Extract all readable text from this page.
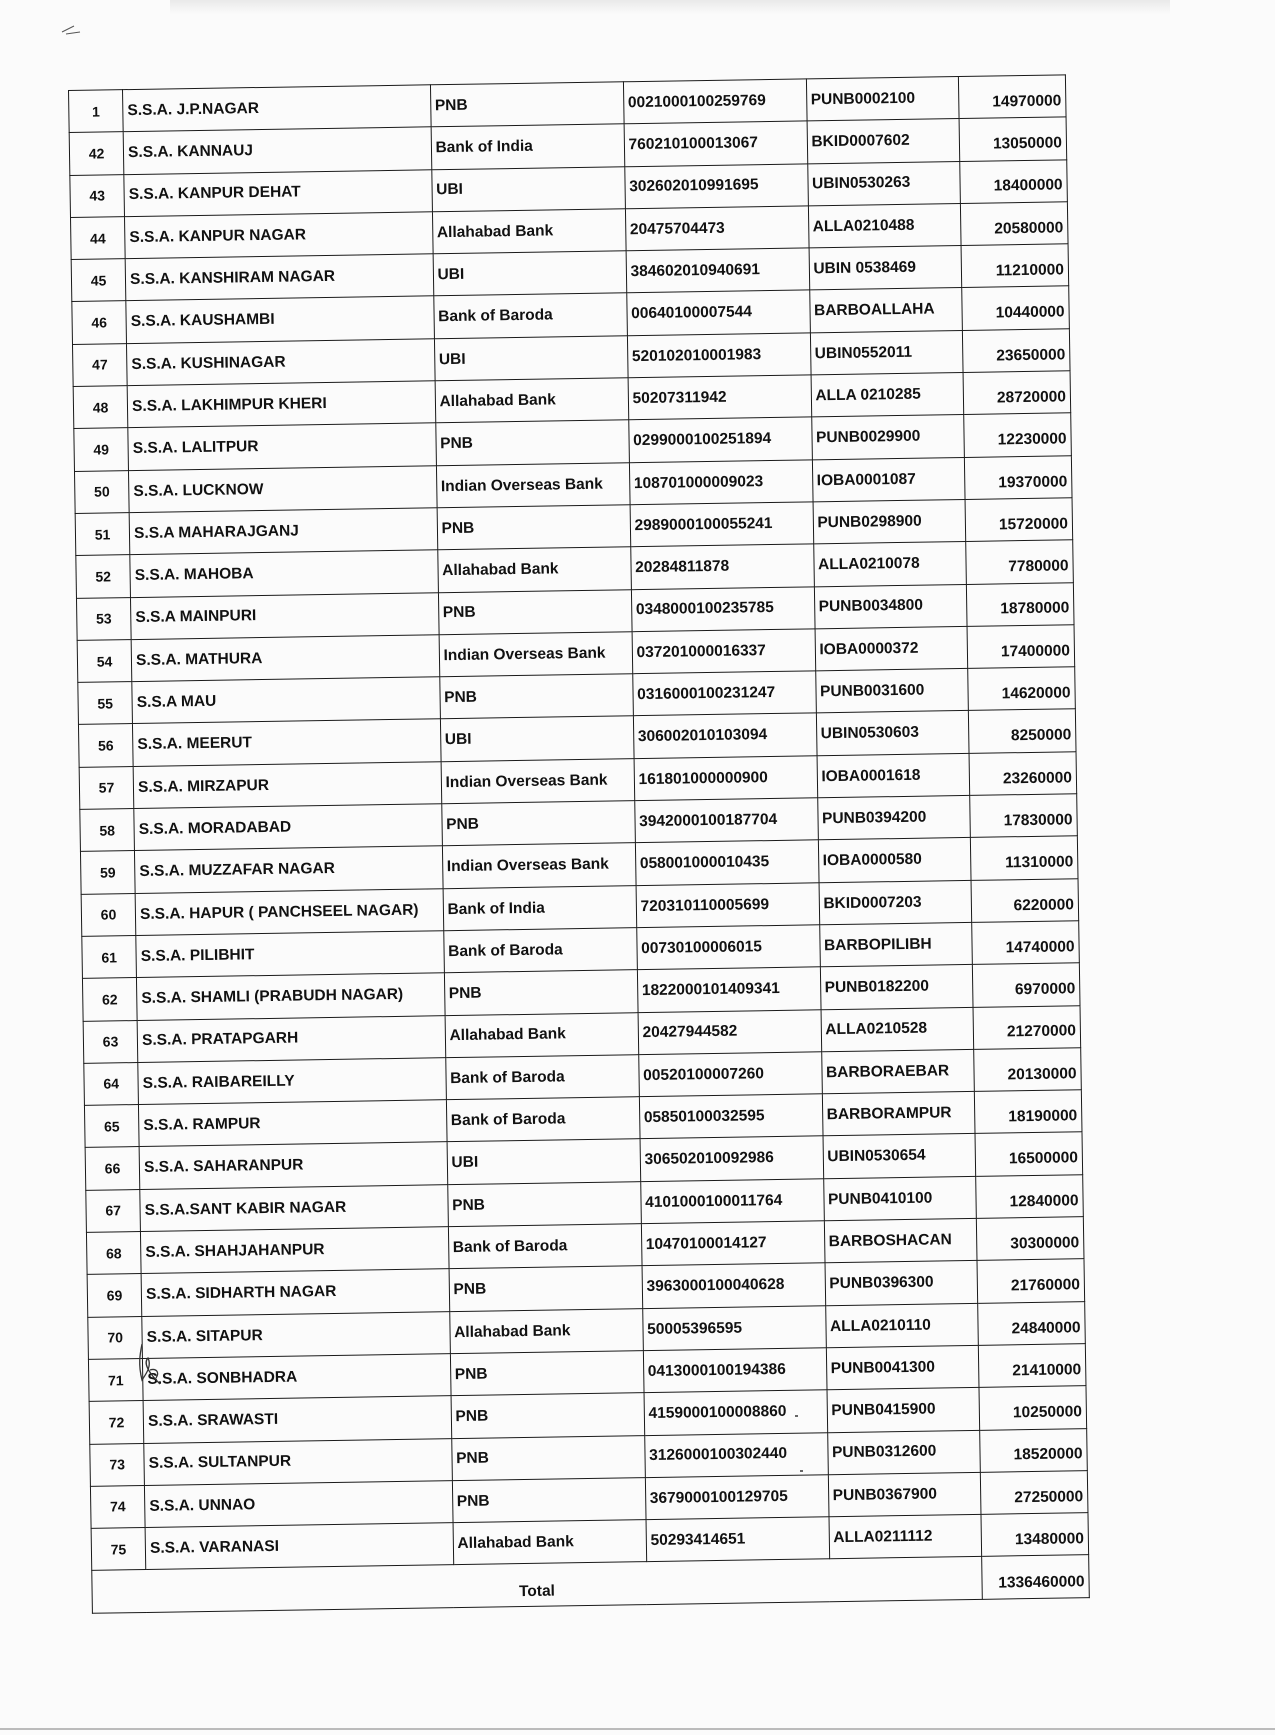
1	S.S.A. J.P.NAGAR	PNB	0021000100259769	PUNB0002100	14970000
42	S.S.A. KANNAUJ	Bank of India	760210100013067	BKID0007602	13050000
43	S.S.A. KANPUR DEHAT	UBI	302602010991695	UBIN0530263	18400000
44	S.S.A. KANPUR NAGAR	Allahabad Bank	20475704473	ALLA0210488	20580000
45	S.S.A. KANSHIRAM NAGAR	UBI	384602010940691	UBIN 0538469	11210000
46	S.S.A. KAUSHAMBI	Bank of Baroda	00640100007544	BARBOALLAHA	10440000
47	S.S.A. KUSHINAGAR	UBI	520102010001983	UBIN0552011	23650000
48	S.S.A. LAKHIMPUR KHERI	Allahabad Bank	50207311942	ALLA 0210285	28720000
49	S.S.A. LALITPUR	PNB	0299000100251894	PUNB0029900	12230000
50	S.S.A. LUCKNOW	Indian Overseas Bank	108701000009023	IOBA0001087	19370000
51	S.S.A MAHARAJGANJ	PNB	2989000100055241	PUNB0298900	15720000
52	S.S.A. MAHOBA	Allahabad Bank	20284811878	ALLA0210078	7780000
53	S.S.A MAINPURI	PNB	0348000100235785	PUNB0034800	18780000
54	S.S.A. MATHURA	Indian Overseas Bank	037201000016337	IOBA0000372	17400000
55	S.S.A MAU	PNB	0316000100231247	PUNB0031600	14620000
56	S.S.A. MEERUT	UBI	306002010103094	UBIN0530603	8250000
57	S.S.A. MIRZAPUR	Indian Overseas Bank	161801000000900	IOBA0001618	23260000
58	S.S.A. MORADABAD	PNB	3942000100187704	PUNB0394200	17830000
59	S.S.A. MUZZAFAR NAGAR	Indian Overseas Bank	058001000010435	IOBA0000580	11310000
60	S.S.A. HAPUR ( PANCHSEEL NAGAR)	Bank of India	720310110005699	BKID0007203	6220000
61	S.S.A. PILIBHIT	Bank of Baroda	00730100006015	BARBOPILIBH	14740000
62	S.S.A. SHAMLI (PRABUDH NAGAR)	PNB	1822000101409341	PUNB0182200	6970000
63	S.S.A. PRATAPGARH	Allahabad Bank	20427944582	ALLA0210528	21270000
64	S.S.A. RAIBAREILLY	Bank of Baroda	00520100007260	BARBORAEBAR	20130000
65	S.S.A. RAMPUR	Bank of Baroda	05850100032595	BARBORAMPUR	18190000
66	S.S.A. SAHARANPUR	UBI	306502010092986	UBIN0530654	16500000
67	S.S.A.SANT KABIR NAGAR	PNB	4101000100011764	PUNB0410100	12840000
68	S.S.A. SHAHJAHANPUR	Bank of Baroda	10470100014127	BARBOSHACAN	30300000
69	S.S.A. SIDHARTH NAGAR	PNB	3963000100040628	PUNB0396300	21760000
70	S.S.A. SITAPUR	Allahabad Bank	50005396595	ALLA0210110	24840000
71	S.S.A. SONBHADRA	PNB	0413000100194386	PUNB0041300	21410000
72	S.S.A. SRAWASTI	PNB	4159000100008860	PUNB0415900	10250000
73	S.S.A. SULTANPUR	PNB	3126000100302440	PUNB0312600	18520000
74	S.S.A. UNNAO	PNB	3679000100129705	PUNB0367900	27250000
75	S.S.A. VARANASI	Allahabad Bank	50293414651	ALLA0211112	13480000
Total					1336460000
